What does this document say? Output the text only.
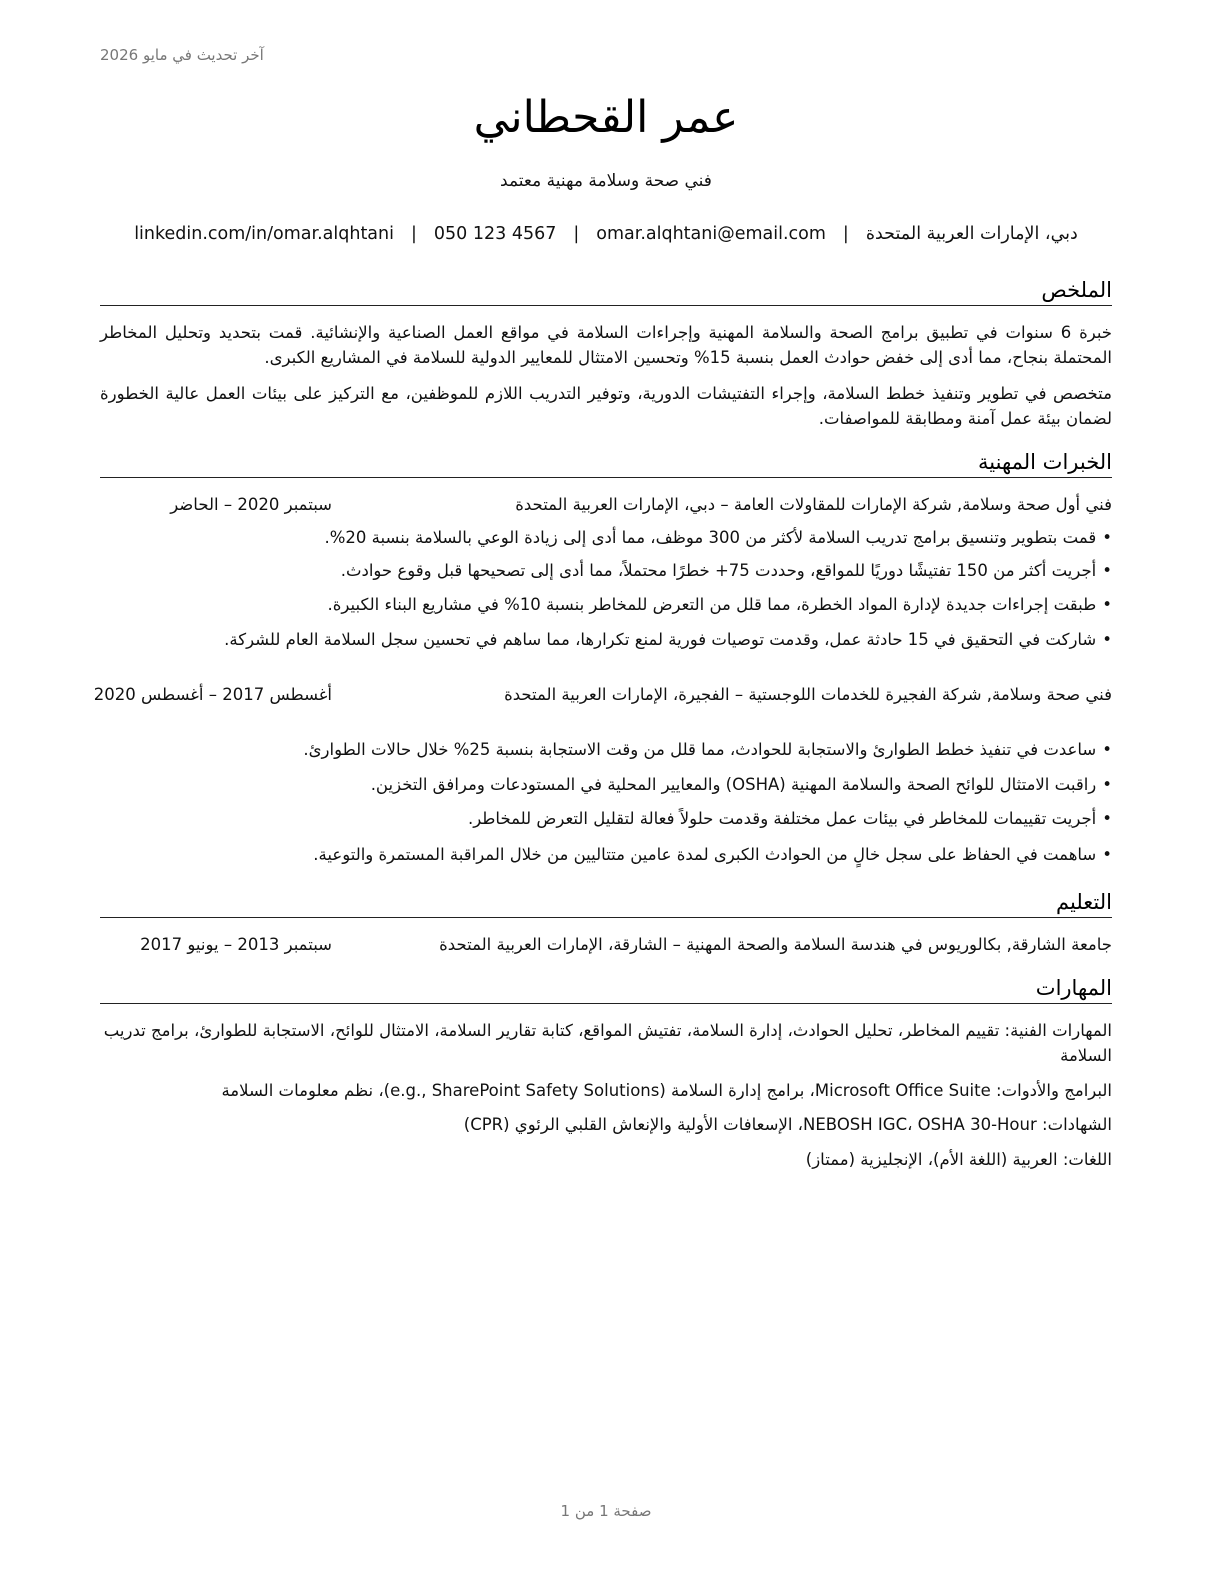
آخر تحديث في مايو 2026
عمر القحطاني
فني صحة وسلامة مهنية معتمد
دبي، الإمارات العربية المتحدة
|
omar.alqhtani@email.com
|
050 123 4567
|
linkedin.com/in/omar.alqhtani
الملخص

خبرة 6 سنوات في تطبيق برامج الصحة والسلامة المهنية وإجراءات السلامة في مواقع العمل الصناعية والإنشائية. قمت بتحديد وتحليل المخاطر المحتملة بنجاح، مما أدى إلى خفض حوادث العمل بنسبة 15% وتحسين الامتثال للمعايير الدولية للسلامة في المشاريع الكبرى.

متخصص في تطوير وتنفيذ خطط السلامة، وإجراء التفتيشات الدورية، وتوفير التدريب اللازم للموظفين، مع التركيز على بيئات العمل عالية الخطورة لضمان بيئة عمل آمنة ومطابقة للمواصفات.

الخبرات المهنية
فني أول صحة وسلامة, شركة الإمارات للمقاولات العامة – دبي، الإمارات العربية المتحدة
سبتمبر 2020 – الحاضر
•قمت بتطوير وتنسيق برامج تدريب السلامة لأكثر من 300 موظف، مما أدى إلى زيادة الوعي بالسلامة بنسبة 20%.
•أجريت أكثر من 150 تفتيشًا دوريًا للمواقع، وحددت 75+ خطرًا محتملاً، مما أدى إلى تصحيحها قبل وقوع حوادث.
•طبقت إجراءات جديدة لإدارة المواد الخطرة، مما قلل من التعرض للمخاطر بنسبة 10% في مشاريع البناء الكبيرة.
•شاركت في التحقيق في 15 حادثة عمل، وقدمت توصيات فورية لمنع تكرارها، مما ساهم في تحسين سجل السلامة العام للشركة.
فني صحة وسلامة, شركة الفجيرة للخدمات اللوجستية – الفجيرة، الإمارات العربية المتحدة
أغسطس 2017 – أغسطس 2020
•ساعدت في تنفيذ خطط الطوارئ والاستجابة للحوادث، مما قلل من وقت الاستجابة بنسبة 25% خلال حالات الطوارئ.
•راقبت الامتثال للوائح الصحة والسلامة المهنية (OSHA) والمعايير المحلية في المستودعات ومرافق التخزين.
•أجريت تقييمات للمخاطر في بيئات عمل مختلفة وقدمت حلولاً فعالة لتقليل التعرض للمخاطر.
•ساهمت في الحفاظ على سجل خالٍ من الحوادث الكبرى لمدة عامين متتاليين من خلال المراقبة المستمرة والتوعية.
التعليم
جامعة الشارقة, بكالوريوس في هندسة السلامة والصحة المهنية – الشارقة، الإمارات العربية المتحدة
سبتمبر 2013 – يونيو 2017
المهارات
المهارات الفنية: تقييم المخاطر، تحليل الحوادث، إدارة السلامة، تفتيش المواقع، كتابة تقارير السلامة، الامتثال للوائح، الاستجابة للطوارئ، برامج تدريب السلامة
البرامج والأدوات: Microsoft Office Suite، برامج إدارة السلامة (e.g., SharePoint Safety Solutions)، نظم معلومات السلامة
الشهادات: NEBOSH IGC، OSHA 30-Hour، الإسعافات الأولية والإنعاش القلبي الرئوي (CPR)
اللغات: العربية (اللغة الأم)، الإنجليزية (ممتاز)
صفحة 1 من 1
